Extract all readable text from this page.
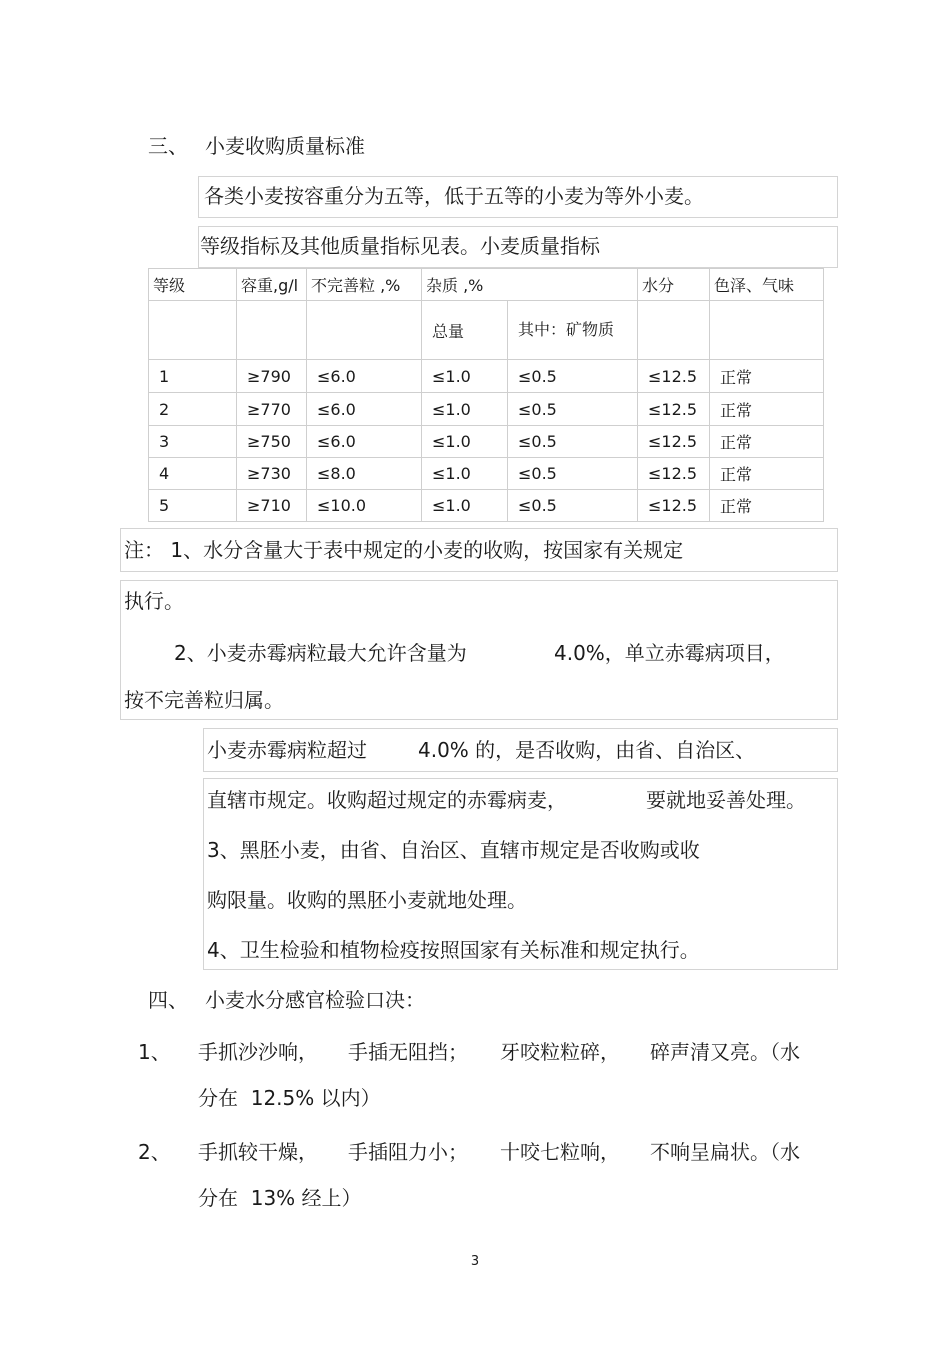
三、 小麦收购质量标准
各类小麦按容重分为五等，低于五等的小麦为等外小麦。
等级指标及其他质量指标见表。小麦质量指标
等级	容重,g/l	不完善粒 ,%	杂质 ,%		水分	色泽、气味
			总量	其中：矿物质		
1	≥790	≤6.0	≤1.0	≤0.5	≤12.5	正常
2	≥770	≤6.0	≤1.0	≤0.5	≤12.5	正常
3	≥750	≤6.0	≤1.0	≤0.5	≤12.5	正常
4	≥730	≤8.0	≤1.0	≤0.5	≤12.5	正常
5	≥710	≤10.0	≤1.0	≤0.5	≤12.5	正常
注： 1、水分含量大于表中规定的小麦的收购，按国家有关规定
执行。
2、小麦赤霉病粒最大允许含量为	4.0%，单立赤霉病项目，
按不完善粒归属。
小麦赤霉病粒超过	4.0% 的，是否收购，由省、自治区、
直辖市规定。收购超过规定的赤霉病麦，	要就地妥善处理。
3、黑胚小麦，由省、自治区、直辖市规定是否收购或收
购限量。收购的黑胚小麦就地处理。
4、卫生检验和植物检疫按照国家有关标准和规定执行。
四、 小麦水分感官检验口决：
1、 手抓沙沙响， 手插无阻挡； 牙咬粒粒碎， 碎声清又亮。（水
分在  12.5% 以内）
2、 手抓较干燥， 手插阻力小； 十咬七粒响， 不响呈扁状。（水
分在  13% 经上）
3
